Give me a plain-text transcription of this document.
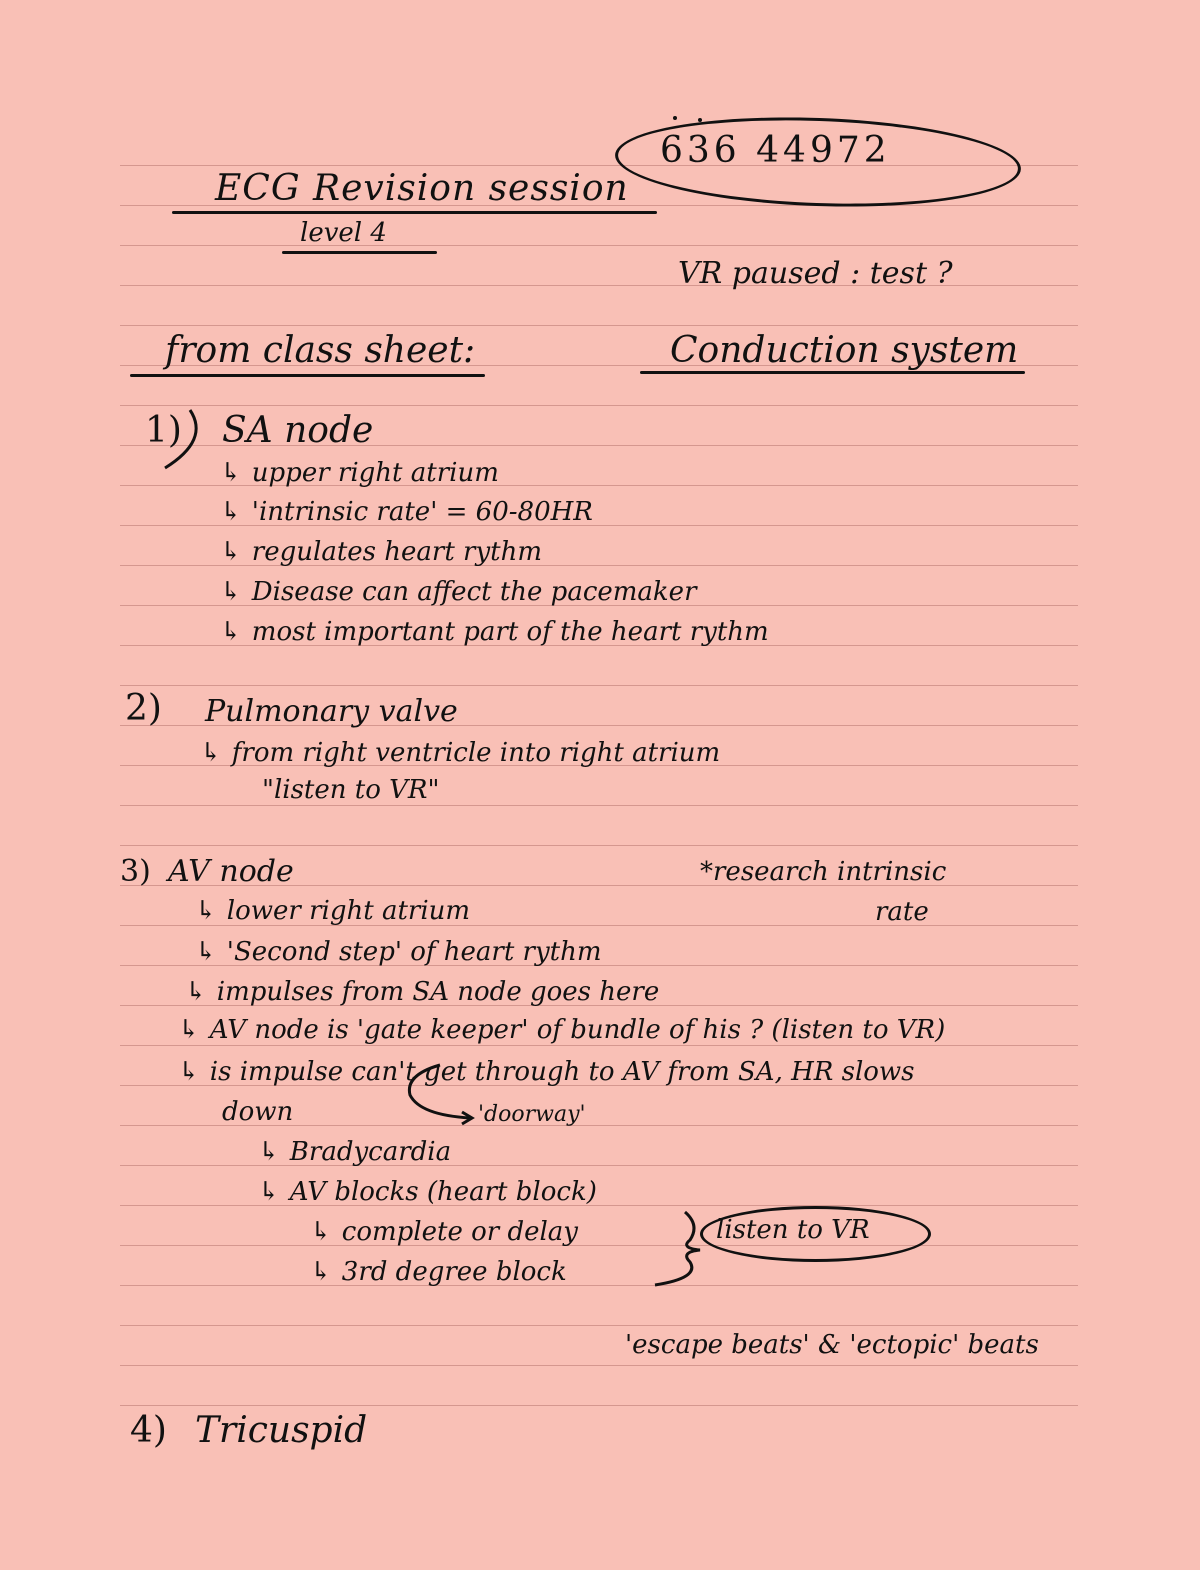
ECG Revision session
level 4
636 44972
VR paused : test ?
from class sheet:	Conduction system
1) SA node
↳ upper right atrium
↳ 'intrinsic rate' = 60-80HR
↳ regulates heart rythm
↳ Disease can affect the pacemaker
↳ most important part of the heart rythm
2) Pulmonary valve
↳ from right ventricle into right atrium
"listen to VR"
3) AV node	*research intrinsic
rate
↳ lower right atrium
↳ 'Second step' of heart rythm
↳ impulses from SA node goes here
↳ AV node is 'gate keeper' of bundle of his ? (listen to VR)
↳ is impulse can't get through to AV from SA, HR slows
down	'doorway'
↳ Bradycardia
↳ AV blocks (heart block)
↳ complete or delay
↳ 3rd degree block
listen to VR
'escape beats' & 'ectopic' beats
4) Tricuspid
